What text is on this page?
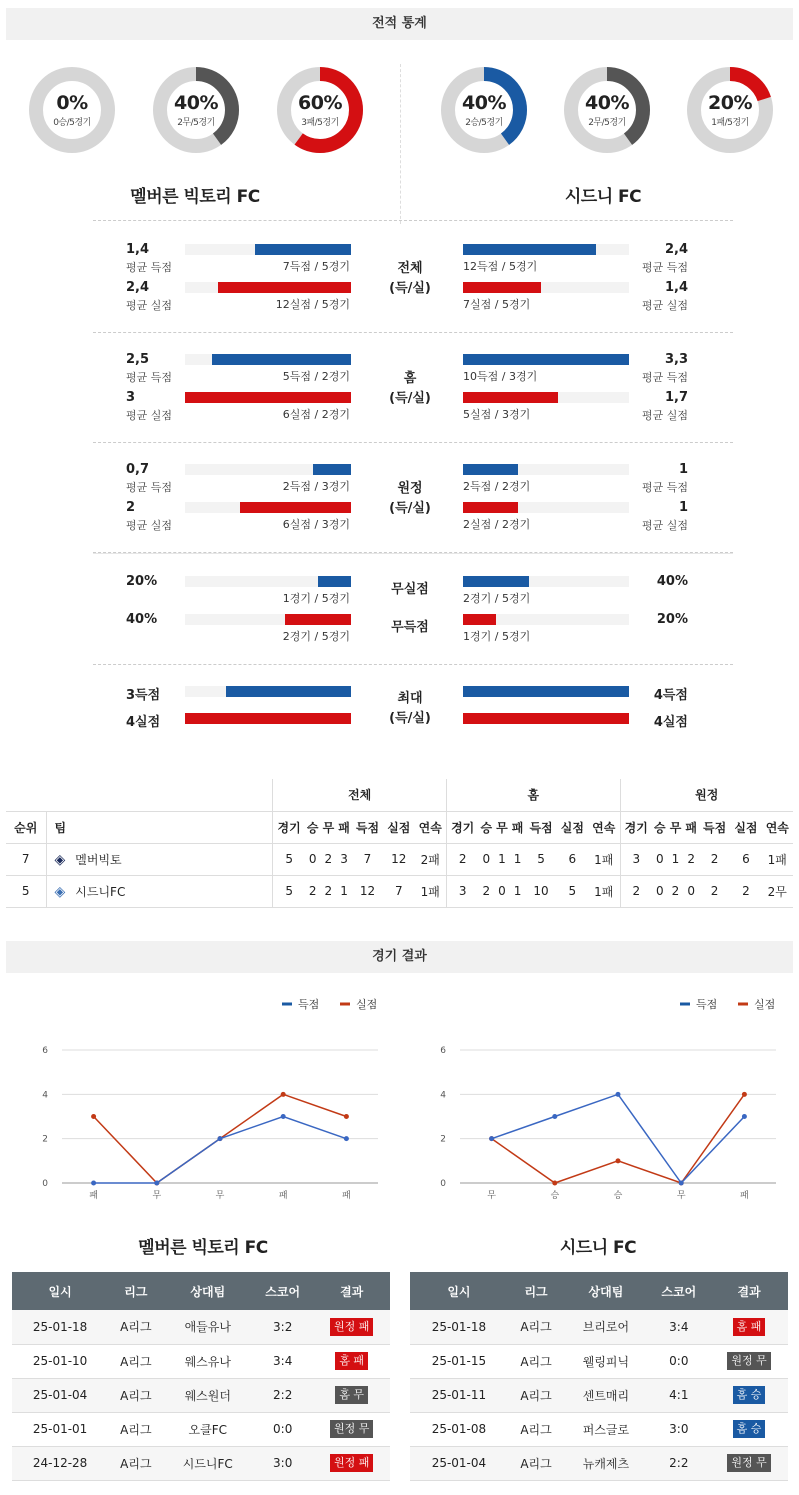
전적 통계
0%
0승/5경기
40%
2무/5경기
60%
3패/5경기
40%
2승/5경기
40%
2무/5경기
20%
1패/5경기
멜버른 빅토리 FC	시드니 FC
1,4
평균 득점	7득점 / 5경기
2,4
평균 실점	12실점 / 5경기
2,4
평균 득점
12득점 / 5경기
1,4
평균 실점
7실점 / 5경기
전체
(득/실)
2,5
평균 득점	5득점 / 2경기
3
평균 실점	6실점 / 2경기
3,3
평균 득점
10득점 / 3경기
1,7
평균 실점
5실점 / 3경기
홈
(득/실)
0,7
평균 득점	2득점 / 3경기
2
평균 실점	6실점 / 3경기
1
평균 득점
2득점 / 2경기
1
평균 실점
2실점 / 2경기
원정
(득/실)
20%
1경기 / 5경기
40%
2경기 / 5경기
무실점
40%
2경기 / 5경기
20%
1경기 / 5경기
무득점
3득점
4실점
4득점
4실점
최대
(득/실)
		전체							홈							원정						
순위	팀	경기	승	무	패	득점	실점	연속	경기	승	무	패	득점	실점	연속	경기	승	무	패	득점	실점	연속
7	◈ 멜버빅토	5	0	2	3	7	12	2패	2	0	1	1	5	6	1패	3	0	1	2	2	6	1패
5	◈ 시드니FC	5	2	2	1	12	7	1패	3	2	0	1	10	5	1패	2	0	2	0	2	2	2무
경기 결과
득점	실점
0
2
4
6
패	무	무	패	패
득점	실점
0
2
4
6
무	승	승	무	패
멜버른 빅토리 FC	시드니 FC
일시	리그	상대팀	스코어	결과
25-01-18	A리그	애들유나	3:2	원정 패
25-01-10	A리그	웨스유나	3:4	홈 패
25-01-04	A리그	웨스원더	2:2	홈 무
25-01-01	A리그	오클FC	0:0	원정 무
24-12-28	A리그	시드니FC	3:0	원정 패
일시	리그	상대팀	스코어	결과
25-01-18	A리그	브리로어	3:4	홈 패
25-01-15	A리그	웰링피닉	0:0	원정 무
25-01-11	A리그	센트매리	4:1	홈 승
25-01-08	A리그	퍼스글로	3:0	홈 승
25-01-04	A리그	뉴캐제츠	2:2	원정 무
